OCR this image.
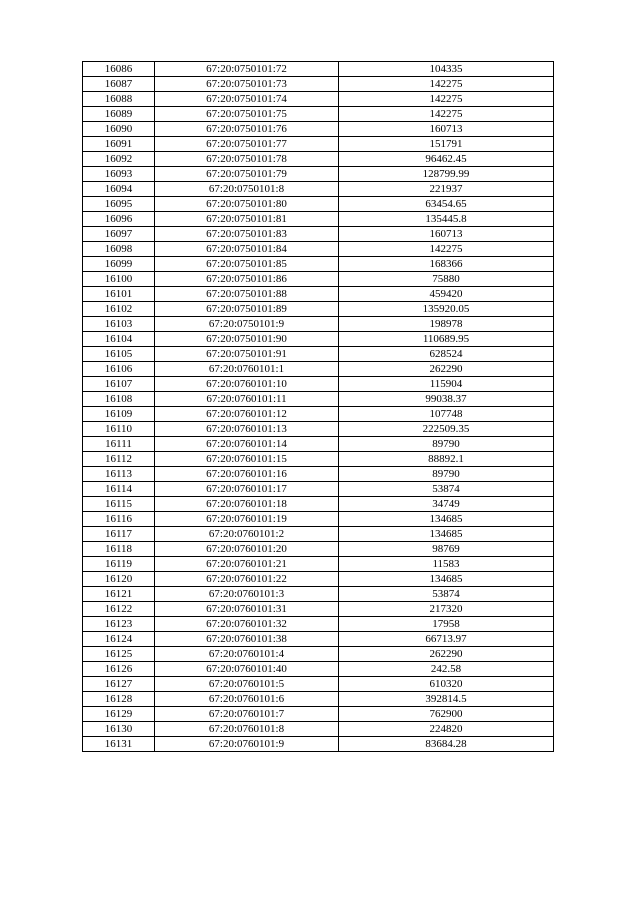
16086	67:20:0750101:72	104335
16087	67:20:0750101:73	142275
16088	67:20:0750101:74	142275
16089	67:20:0750101:75	142275
16090	67:20:0750101:76	160713
16091	67:20:0750101:77	151791
16092	67:20:0750101:78	96462.45
16093	67:20:0750101:79	128799.99
16094	67:20:0750101:8	221937
16095	67:20:0750101:80	63454.65
16096	67:20:0750101:81	135445.8
16097	67:20:0750101:83	160713
16098	67:20:0750101:84	142275
16099	67:20:0750101:85	168366
16100	67:20:0750101:86	75880
16101	67:20:0750101:88	459420
16102	67:20:0750101:89	135920.05
16103	67:20:0750101:9	198978
16104	67:20:0750101:90	110689.95
16105	67:20:0750101:91	628524
16106	67:20:0760101:1	262290
16107	67:20:0760101:10	115904
16108	67:20:0760101:11	99038.37
16109	67:20:0760101:12	107748
16110	67:20:0760101:13	222509.35
16111	67:20:0760101:14	89790
16112	67:20:0760101:15	88892.1
16113	67:20:0760101:16	89790
16114	67:20:0760101:17	53874
16115	67:20:0760101:18	34749
16116	67:20:0760101:19	134685
16117	67:20:0760101:2	134685
16118	67:20:0760101:20	98769
16119	67:20:0760101:21	11583
16120	67:20:0760101:22	134685
16121	67:20:0760101:3	53874
16122	67:20:0760101:31	217320
16123	67:20:0760101:32	17958
16124	67:20:0760101:38	66713.97
16125	67:20:0760101:4	262290
16126	67:20:0760101:40	242.58
16127	67:20:0760101:5	610320
16128	67:20:0760101:6	392814.5
16129	67:20:0760101:7	762900
16130	67:20:0760101:8	224820
16131	67:20:0760101:9	83684.28
